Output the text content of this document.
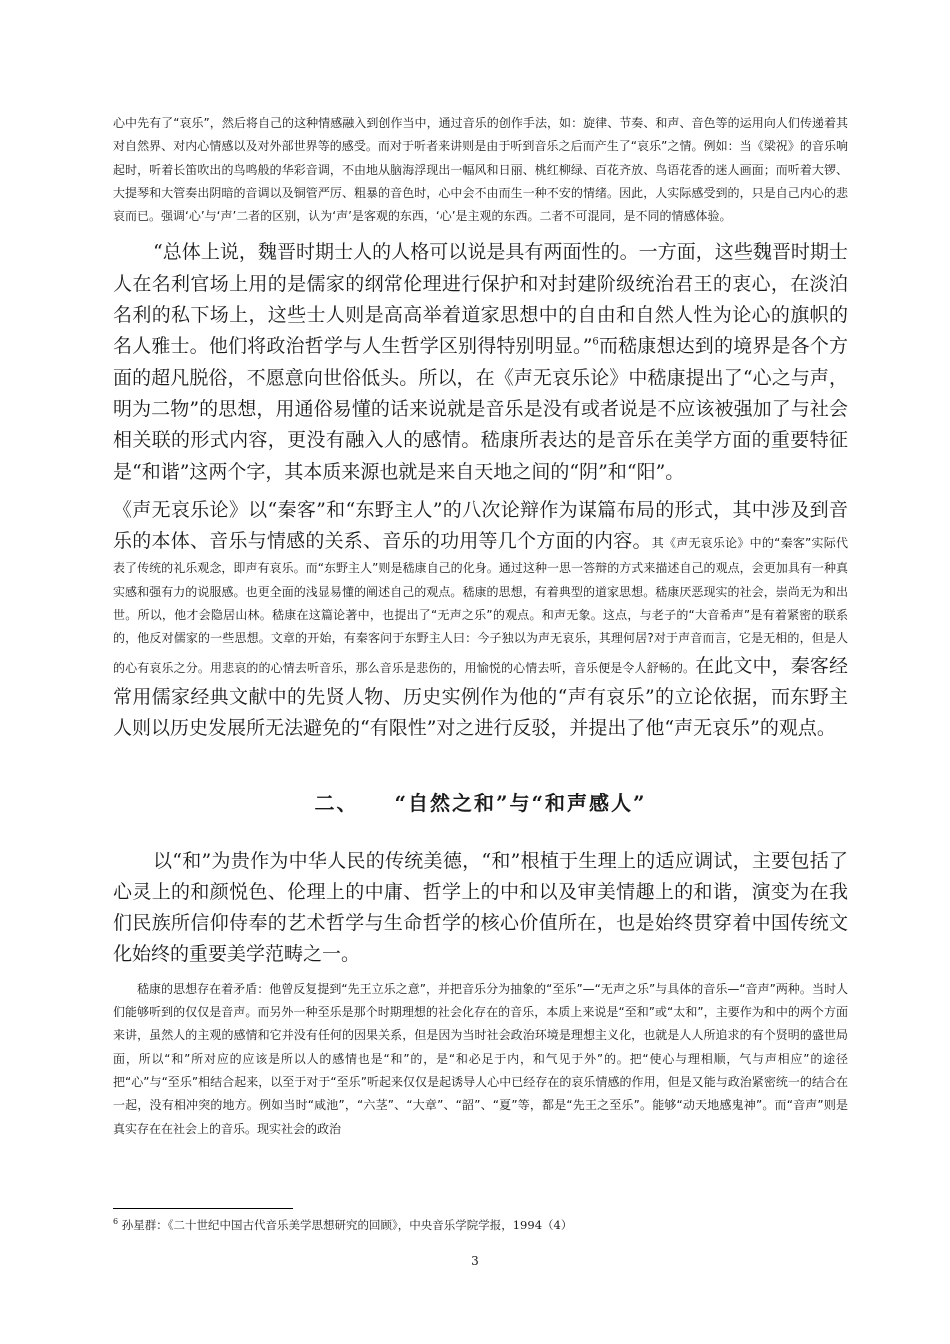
心中先有了“哀乐”，然后将自己的这种情感融入到创作当中，通过音乐的创作手法，如：旋律、节奏、和声、音色等的运用向人们传递着其对自然界、对内心情感以及对外部世界等的感受。而对于听者来讲则是由于听到音乐之后而产生了“哀乐”之情。例如：当《梁祝》的音乐响起时，听着长笛吹出的鸟鸣般的华彩音调，不由地从脑海浮现出一幅风和日丽、桃红柳绿、百花齐放、鸟语花香的迷人画面；而听着大锣、大提琴和大管奏出阴暗的音调以及铜管严厉、粗暴的音色时，心中会不由而生一种不安的情绪。因此，人实际感受到的，只是自己内心的悲哀而已。强调‘心’与‘声’二者的区别，认为‘声’是客观的东西，‘心’是主观的东西。二者不可混同，是不同的情感体验。

“总体上说，魏晋时期士人的人格可以说是具有两面性的。一方面，这些魏晋时期士人在名利官场上用的是儒家的纲常伦理进行保护和对封建阶级统治君王的衷心，在淡泊名利的私下场上，这些士人则是高高举着道家思想中的自由和自然人性为论心的旗帜的名人雅士。他们将政治哲学与人生哲学区别得特别明显。”$^6$而嵇康想达到的境界是各个方面的超凡脱俗，不愿意向世俗低头。所以，在《声无哀乐论》中嵇康提出了“心之与声，明为二物”的思想，用通俗易懂的话来说就是音乐是没有或者说是不应该被强加了与社会相关联的形式内容，更没有融入人的感情。嵇康所表达的是音乐在美学方面的重要特征是“和谐”这两个字，其本质来源也就是来自天地之间的“阴”和“阳”。

《声无哀乐论》以“秦客”和“东野主人”的八次论辩作为谋篇布局的形式，其中涉及到音乐的本体、音乐与情感的关系、音乐的功用等几个方面的内容。其《声无哀乐论》中的“秦客”实际代表了传统的礼乐观念，即声有哀乐。而“东野主人”则是嵇康自己的化身。通过这种一思一答辩的方式来描述自己的观点，会更加具有一种真实感和强有力的说服感。也更全面的浅显易懂的阐述自己的观点。嵇康的思想，有着典型的道家思想。嵇康厌恶现实的社会，崇尚无为和出世。所以，他才会隐居山林。嵇康在这篇论著中，也提出了“无声之乐”的观点。和声无象。这点，与老子的“大音希声”是有着紧密的联系的，他反对儒家的一些思想。文章的开始，有秦客问于东野主人曰：今子独以为声无哀乐，其理何居?对于声音而言，它是无相的，但是人的心有哀乐之分。用悲哀的的心情去听音乐，那么音乐是悲伤的，用愉悦的心情去听，音乐便是令人舒畅的。在此文中，秦客经常用儒家经典文献中的先贤人物、历史实例作为他的“声有哀乐”的立论依据，而东野主人则以历史发展所无法避免的“有限性”对之进行反驳，并提出了他“声无哀乐”的观点。

二、 “自然之和”与“和声感人”

以“和”为贵作为中华人民的传统美德，“和”根植于生理上的适应调试，主要包括了心灵上的和颜悦色、伦理上的中庸、哲学上的中和以及审美情趣上的和谐，演变为在我们民族所信仰侍奉的艺术哲学与生命哲学的核心价值所在，也是始终贯穿着中国传统文化始终的重要美学范畴之一。

嵇康的思想存在着矛盾：他曾反复提到“先王立乐之意”，并把音乐分为抽象的“至乐”—“无声之乐”与具体的音乐—“音声”两种。当时人们能够听到的仅仅是音声。而另外一种至乐是那个时期理想的社会化存在的音乐，本质上来说是“至和”或“太和”，主要作为和中的两个方面来讲，虽然人的主观的感情和它并没有任何的因果关系，但是因为当时社会政治环境是理想主义化，也就是人人所追求的有个贤明的盛世局面，所以“和”所对应的应该是所以人的感情也是“和”的，是“和必足于内，和气见于外”的。把“使心与理相顺，气与声相应”的途径把“心”与“至乐”相结合起来，以至于对于“至乐”听起来仅仅是起诱导人心中已经存在的哀乐情感的作用，但是又能与政治紧密统一的结合在一起，没有相冲突的地方。例如当时“咸池”，“六茎”、“大章”、“韶”、“夏”等，都是“先王之至乐”。能够“动天地感鬼神”。而“音声”则是真实存在在社会上的音乐。现实社会的政治

$^6$ 孙星群：《二十世纪中国古代音乐美学思想研究的回顾》，中央音乐学院学报，1994（4）
3
